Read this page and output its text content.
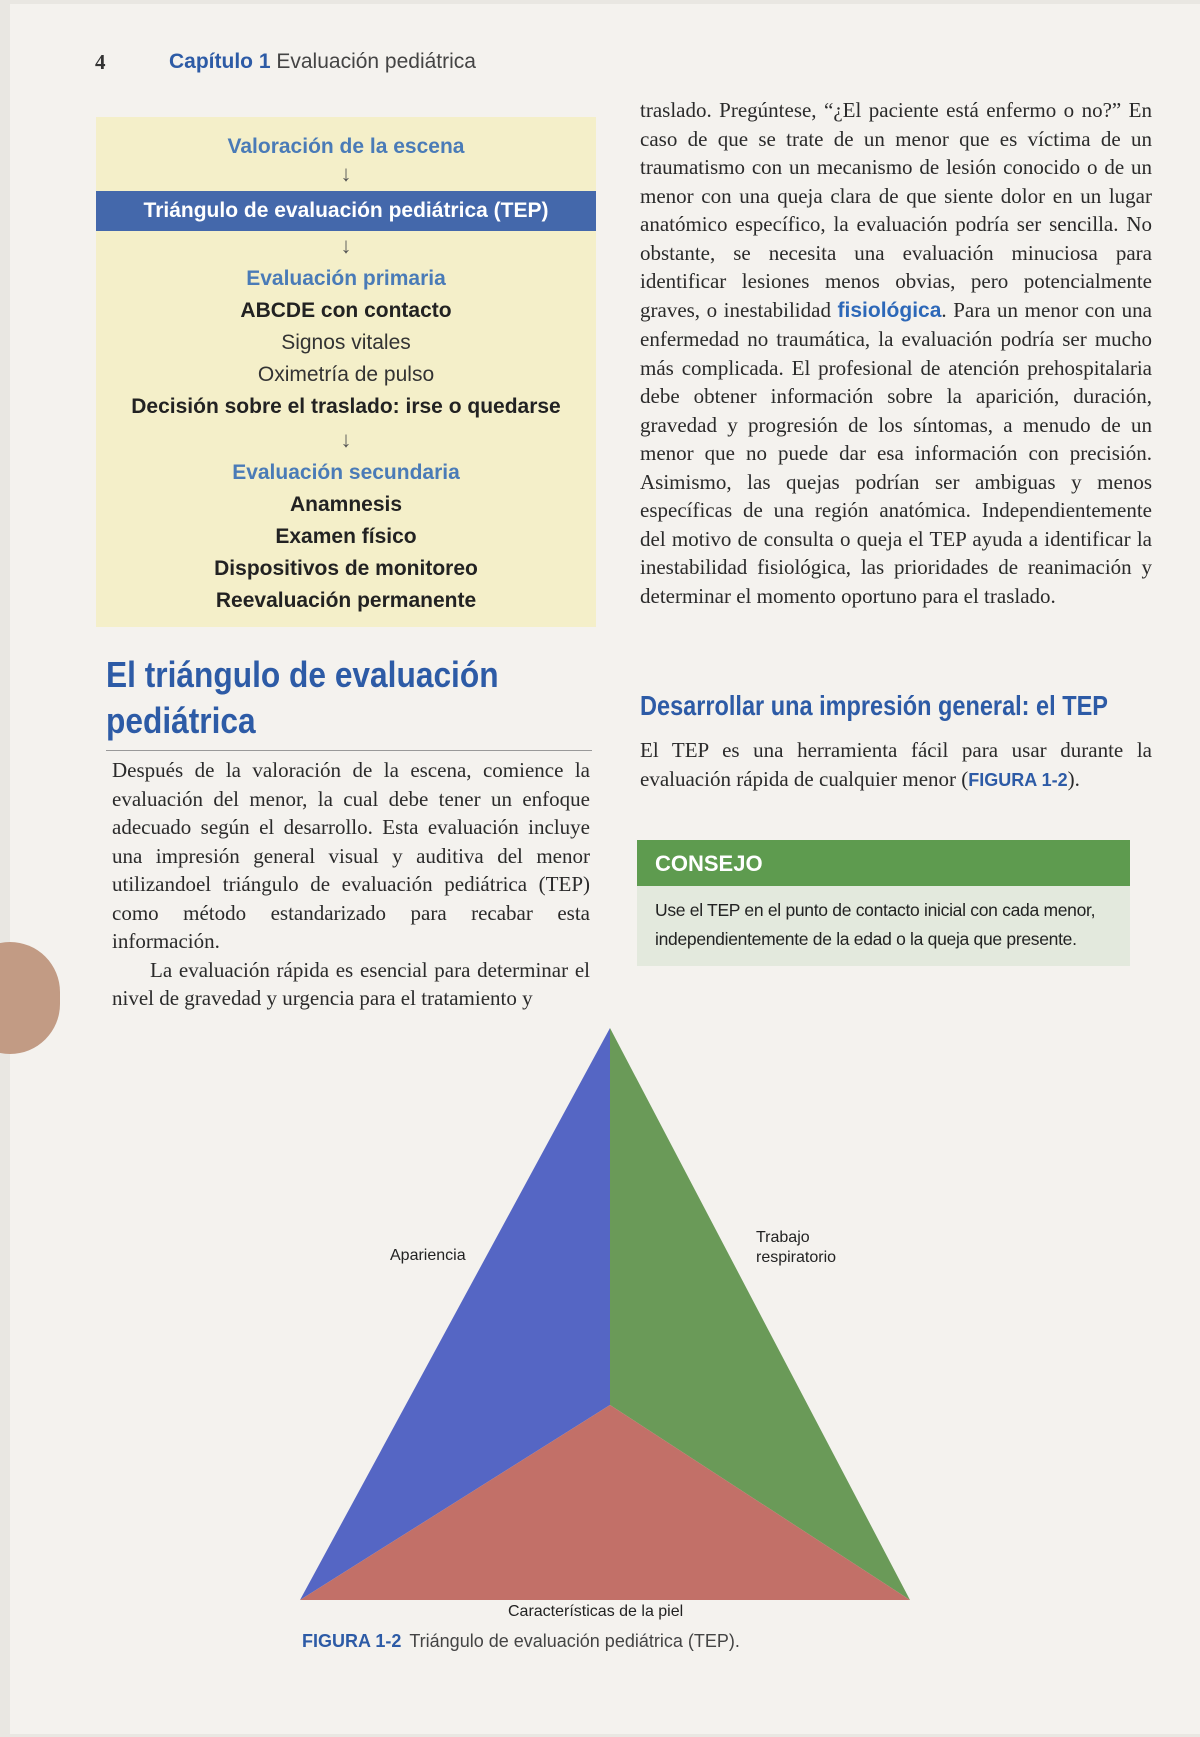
4	Capítulo 1 Evaluación pediátrica
Valoración de la escena
↓
Triángulo de evaluación pediátrica (TEP)
↓
Evaluación primaria
ABCDE con contacto
Signos vitales
Oximetría de pulso
Decisión sobre el traslado: irse o quedarse
↓
Evaluación secundaria
Anamnesis
Examen físico
Dispositivos de monitoreo
Reevaluación permanente
El triángulo de evaluación pediátrica

Después de la valoración de la escena, comience la evaluación del menor, la cual debe tener un enfoque adecuado según el desarrollo. Esta evaluación incluye una impresión general visual y auditiva del menor utilizandoel triángulo de evaluación pediátrica (TEP) como método estandarizado para recabar esta información.

La evaluación rápida es esencial para determinar el nivel de gravedad y urgencia para el tratamiento y

traslado. Pregúntese, “¿El paciente está enfermo o no?” En caso de que se trate de un menor que es víctima de un traumatismo con un mecanismo de lesión conocido o de un menor con una queja clara de que siente dolor en un lugar anatómico específico, la evaluación podría ser sencilla. No obstante, se necesita una evaluación minuciosa para identificar lesiones menos obvias, pero potencialmente graves, o inestabilidad fisiológica. Para un menor con una enfermedad no traumática, la evaluación podría ser mucho más complicada. El profesional de atención prehospitalaria debe obtener información sobre la aparición, duración, gravedad y progresión de los síntomas, a menudo de un menor que no puede dar esa información con precisión. Asimismo, las quejas podrían ser ambiguas y menos específicas de una región anatómica. Independientemente del motivo de consulta o queja el TEP ayuda a identificar la inestabilidad fisiológica, las prioridades de reanimación y determinar el momento oportuno para el traslado.

Desarrollar una impresión general: el TEP

El TEP es una herramienta fácil para usar durante la evaluación rápida de cualquier menor (FIGURA 1-2).

CONSEJO
Use el TEP en el punto de contacto inicial con cada menor, independientemente de la edad o la queja que presente.
Apariencia
Trabajo
respiratorio
Características de la piel
FIGURA 1-2 Triángulo de evaluación pediátrica (TEP).
